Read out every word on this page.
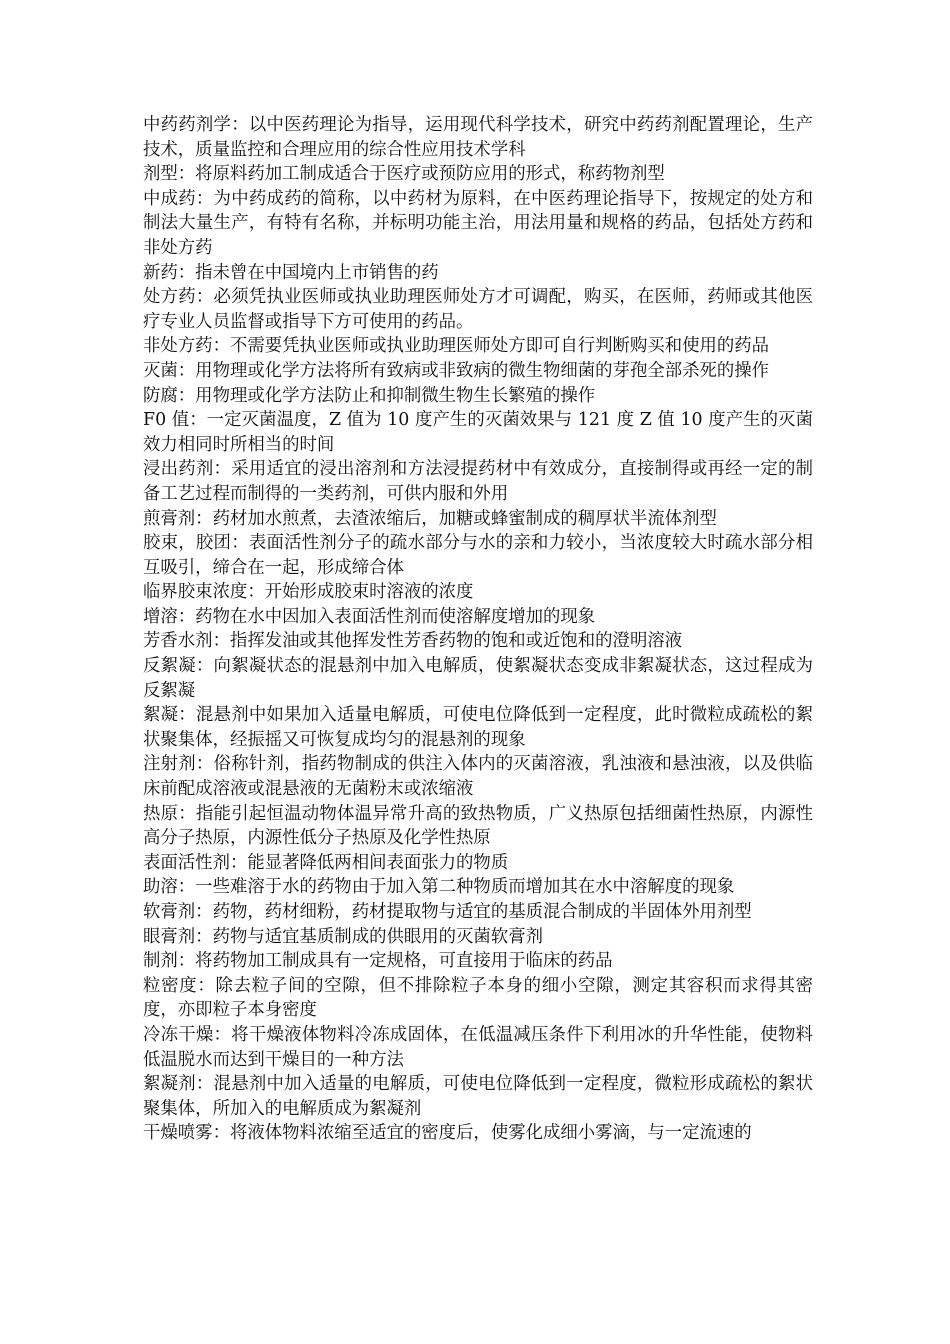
中药药剂学：以中医药理论为指导，运用现代科学技术，研究中药药剂配置理论，生产技术，质量监控和合理应用的综合性应用技术学科

剂型：将原料药加工制成适合于医疗或预防应用的形式，称药物剂型

中成药：为中药成药的简称，以中药材为原料，在中医药理论指导下，按规定的处方和制法大量生产，有特有名称，并标明功能主治，用法用量和规格的药品，包括处方药和非处方药

新药：指未曾在中国境内上市销售的药

处方药：必须凭执业医师或执业助理医师处方才可调配，购买，在医师，药师或其他医疗专业人员监督或指导下方可使用的药品。

非处方药：不需要凭执业医师或执业助理医师处方即可自行判断购买和使用的药品

灭菌：用物理或化学方法将所有致病或非致病的微生物细菌的芽孢全部杀死的操作

防腐：用物理或化学方法防止和抑制微生物生长繁殖的操作

F0 值：一定灭菌温度，Z 值为 10 度产生的灭菌效果与 121 度 Z 值 10 度产生的灭菌效力相同时所相当的时间

浸出药剂：采用适宜的浸出溶剂和方法浸提药材中有效成分，直接制得或再经一定的制备工艺过程而制得的一类药剂，可供内服和外用

煎膏剂：药材加水煎煮，去渣浓缩后，加糖或蜂蜜制成的稠厚状半流体剂型

胶束，胶团：表面活性剂分子的疏水部分与水的亲和力较小，当浓度较大时疏水部分相互吸引，缔合在一起，形成缔合体

临界胶束浓度：开始形成胶束时溶液的浓度

增溶：药物在水中因加入表面活性剂而使溶解度增加的现象

芳香水剂：指挥发油或其他挥发性芳香药物的饱和或近饱和的澄明溶液

反絮凝：向絮凝状态的混悬剂中加入电解质，使絮凝状态变成非絮凝状态，这过程成为反絮凝

絮凝：混悬剂中如果加入适量电解质，可使电位降低到一定程度，此时微粒成疏松的絮状聚集体，经振摇又可恢复成均匀的混悬剂的现象

注射剂：俗称针剂，指药物制成的供注入体内的灭菌溶液，乳浊液和悬浊液，以及供临床前配成溶液或混悬液的无菌粉末或浓缩液

热原：指能引起恒温动物体温异常升高的致热物质，广义热原包括细菌性热原，内源性高分子热原，内源性低分子热原及化学性热原

表面活性剂：能显著降低两相间表面张力的物质

助溶：一些难溶于水的药物由于加入第二种物质而增加其在水中溶解度的现象

软膏剂：药物，药材细粉，药材提取物与适宜的基质混合制成的半固体外用剂型

眼膏剂：药物与适宜基质制成的供眼用的灭菌软膏剂

制剂：将药物加工制成具有一定规格，可直接用于临床的药品

粒密度：除去粒子间的空隙，但不排除粒子本身的细小空隙，测定其容积而求得其密度，亦即粒子本身密度

冷冻干燥：将干燥液体物料冷冻成固体，在低温减压条件下利用冰的升华性能，使物料低温脱水而达到干燥目的一种方法

絮凝剂：混悬剂中加入适量的电解质，可使电位降低到一定程度，微粒形成疏松的絮状聚集体，所加入的电解质成为絮凝剂

干燥喷雾：将液体物料浓缩至适宜的密度后，使雾化成细小雾滴，与一定流速的
